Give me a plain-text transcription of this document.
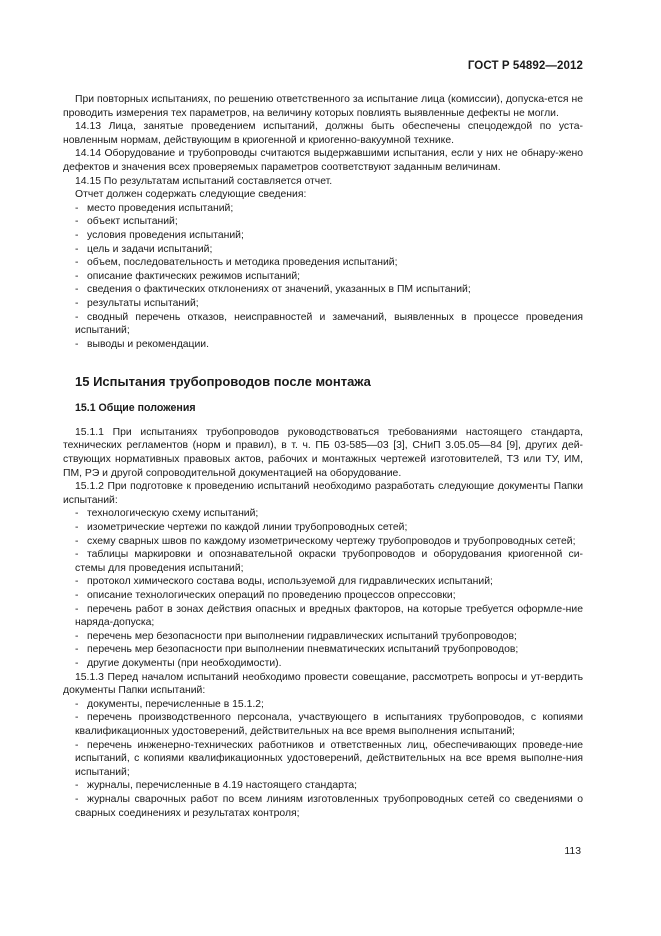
ГОСТ Р 54892—2012
При повторных испытаниях, по решению ответственного за испытание лица (комиссии), допуска-ется не проводить измерения тех параметров, на величину которых повлиять выявленные дефекты не могли.
14.13 Лица, занятые проведением испытаний, должны быть обеспечены спецодеждой по уста-новленным нормам, действующим в криогенной и криогенно-вакуумной технике.
14.14 Оборудование и трубопроводы считаются выдержавшими испытания, если у них не обнару-жено дефектов и значения всех проверяемых параметров соответствуют заданным величинам.
14.15 По результатам испытаний составляется отчет.
Отчет должен содержать следующие сведения:
- место проведения испытаний;
- объект испытаний;
- условия проведения испытаний;
- цель и задачи испытаний;
- объем, последовательность и методика проведения испытаний;
- описание фактических режимов испытаний;
- сведения о фактических отклонениях от значений, указанных в ПМ испытаний;
- результаты испытаний;
- сводный перечень отказов, неисправностей и замечаний, выявленных в процессе проведения испытаний;
- выводы и рекомендации.
15 Испытания трубопроводов после монтажа
15.1 Общие положения
15.1.1 При испытаниях трубопроводов руководствоваться требованиями настоящего стандарта, технических регламентов (норм и правил), в т. ч. ПБ 03-585—03 [3], СНиП 3.05.05—84 [9], других дей-ствующих нормативных правовых актов, рабочих и монтажных чертежей изготовителей, ТЗ или ТУ, ИМ, ПМ, РЭ и другой сопроводительной документацией на оборудование.
15.1.2 При подготовке к проведению испытаний необходимо разработать следующие документы Папки испытаний:
- технологическую схему испытаний;
- изометрические чертежи по каждой линии трубопроводных сетей;
- схему сварных швов по каждому изометрическому чертежу трубопроводов и трубопроводных сетей;
- таблицы маркировки и опознавательной окраски трубопроводов и оборудования криогенной си-стемы для проведения испытаний;
- протокол химического состава воды, используемой для гидравлических испытаний;
- описание технологических операций по проведению процессов опрессовки;
- перечень работ в зонах действия опасных и вредных факторов, на которые требуется оформле-ние наряда-допуска;
- перечень мер безопасности при выполнении гидравлических испытаний трубопроводов;
- перечень мер безопасности при выполнении пневматических испытаний трубопроводов;
- другие документы (при необходимости).
15.1.3 Перед началом испытаний необходимо провести совещание, рассмотреть вопросы и ут-вердить документы Папки испытаний:
- документы, перечисленные в 15.1.2;
- перечень производственного персонала, участвующего в испытаниях трубопроводов, с копиями квалификационных удостоверений, действительных на все время выполнения испытаний;
- перечень инженерно-технических работников и ответственных лиц, обеспечивающих проведе-ние испытаний, с копиями квалификационных удостоверений, действительных на все время выполне-ния испытаний;
- журналы, перечисленные в 4.19 настоящего стандарта;
- журналы сварочных работ по всем линиям изготовленных трубопроводных сетей со сведениями о сварных соединениях и результатах контроля;
113
